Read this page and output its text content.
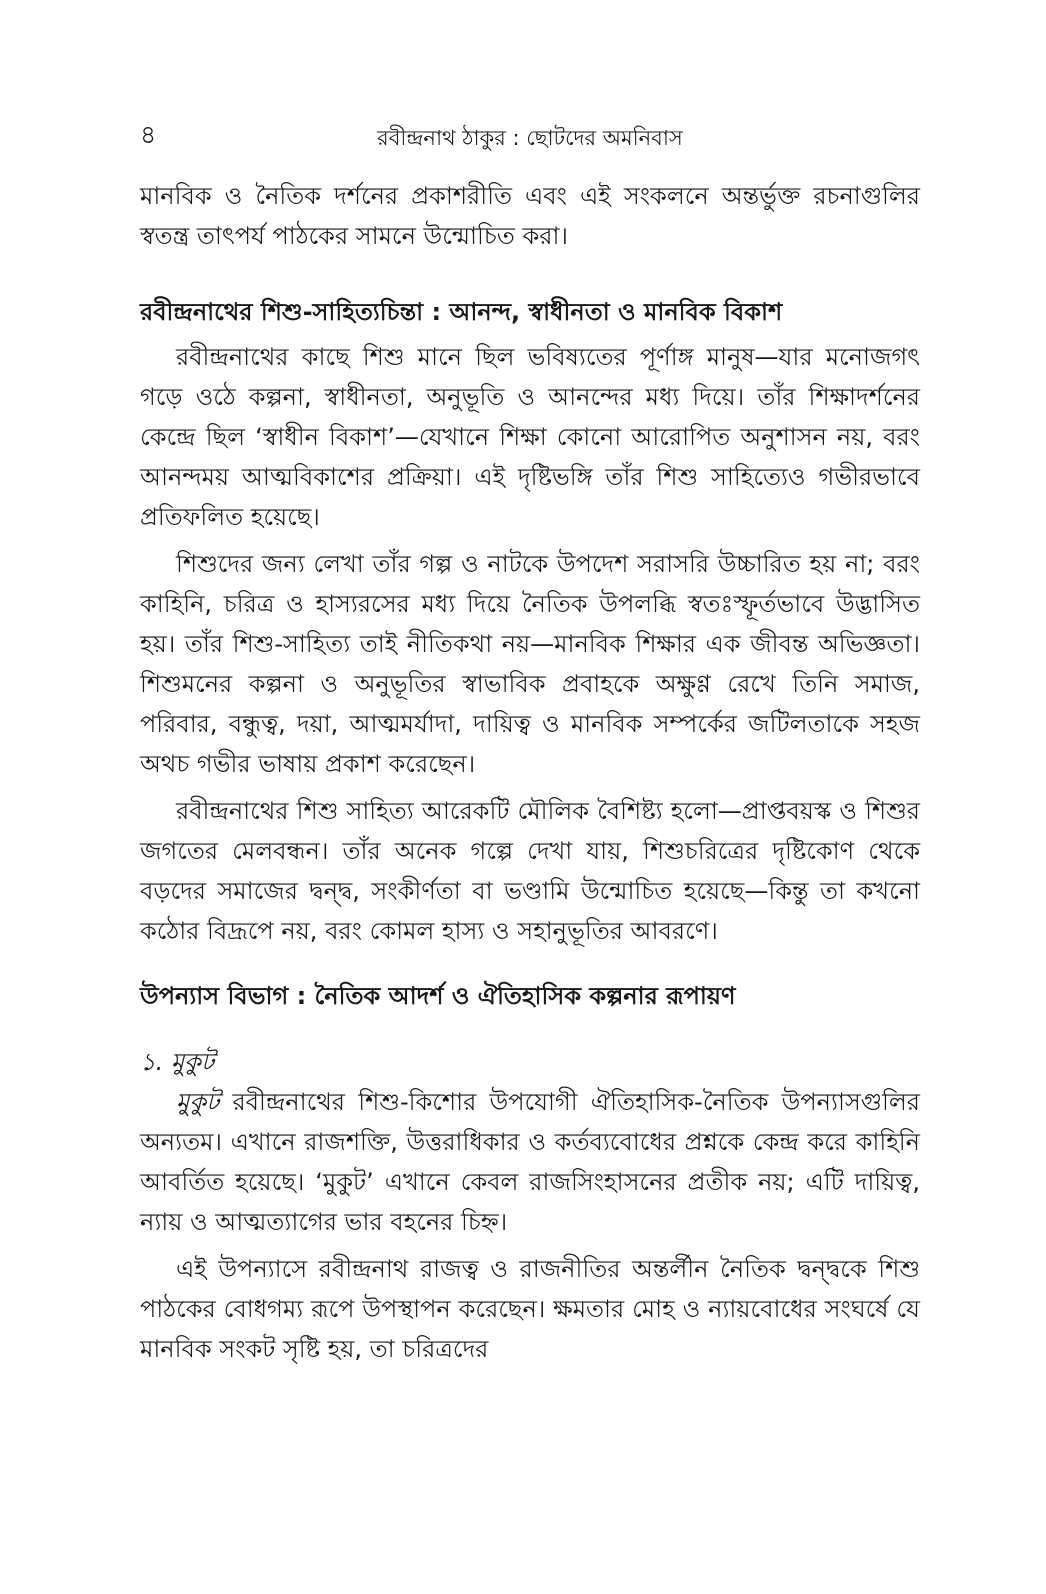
৪	রবীন্দ্রনাথ ঠাকুর : ছোটদের অমনিবাস

মানবিক ও নৈতিক দর্শনের প্রকাশরীতি এবং এই সংকলনে অন্তর্ভুক্ত রচনাগুলির স্বতন্ত্র তাৎপর্য পাঠকের সামনে উন্মোচিত করা।

রবীন্দ্রনাথের শিশু-সাহিত্যচিন্তা : আনন্দ, স্বাধীনতা ও মানবিক বিকাশ

রবীন্দ্রনাথের কাছে শিশু মানে ছিল ভবিষ্যতের পূর্ণাঙ্গ মানুষ—যার মনোজগৎ গড়ে ওঠে কল্পনা, স্বাধীনতা, অনুভূতি ও আনন্দের মধ্য দিয়ে। তাঁর শিক্ষাদর্শনের কেন্দ্রে ছিল ‘স্বাধীন বিকাশ’—যেখানে শিক্ষা কোনো আরোপিত অনুশাসন নয়, বরং আনন্দময় আত্মবিকাশের প্রক্রিয়া। এই দৃষ্টিভঙ্গি তাঁর শিশু সাহিত্যেও গভীরভাবে প্রতিফলিত হয়েছে।

শিশুদের জন্য লেখা তাঁর গল্প ও নাটকে উপদেশ সরাসরি উচ্চারিত হয় না; বরং কাহিনি, চরিত্র ও হাস্যরসের মধ্য দিয়ে নৈতিক উপলব্ধি স্বতঃস্ফূর্তভাবে উদ্ভাসিত হয়। তাঁর শিশু-সাহিত্য তাই নীতিকথা নয়—মানবিক শিক্ষার এক জীবন্ত অভিজ্ঞতা। শিশুমনের কল্পনা ও অনুভূতির স্বাভাবিক প্রবাহকে অক্ষুণ্ণ রেখে তিনি সমাজ, পরিবার, বন্ধুত্ব, দয়া, আত্মমর্যাদা, দায়িত্ব ও মানবিক সম্পর্কের জটিলতাকে সহজ অথচ গভীর ভাষায় প্রকাশ করেছেন।

রবীন্দ্রনাথের শিশু সাহিত্য আরেকটি মৌলিক বৈশিষ্ট্য হলো—প্রাপ্তবয়স্ক ও শিশুর জগতের মেলবন্ধন। তাঁর অনেক গল্পে দেখা যায়, শিশুচরিত্রের দৃষ্টিকোণ থেকে বড়দের সমাজের দ্বন্দ্ব, সংকীর্ণতা বা ভণ্ডামি উন্মোচিত হয়েছে—কিন্তু তা কখনো কঠোর বিদ্রূপে নয়, বরং কোমল হাস্য ও সহানুভূতির আবরণে।

উপন্যাস বিভাগ : নৈতিক আদর্শ ও ঐতিহাসিক কল্পনার রূপায়ণ
১. মুকুট

মুকুট রবীন্দ্রনাথের শিশু-কিশোর উপযোগী ঐতিহাসিক-নৈতিক উপন্যাসগুলির অন্যতম। এখানে রাজশক্তি, উত্তরাধিকার ও কর্তব্যবোধের প্রশ্নকে কেন্দ্র করে কাহিনি আবর্তিত হয়েছে। ‘মুকুট’ এখানে কেবল রাজসিংহাসনের প্রতীক নয়; এটি দায়িত্ব, ন্যায় ও আত্মত্যাগের ভার বহনের চিহ্ন।

এই উপন্যাসে রবীন্দ্রনাথ রাজত্ব ও রাজনীতির অন্তর্লীন নৈতিক দ্বন্দ্বকে শিশু পাঠকের বোধগম্য রূপে উপস্থাপন করেছেন। ক্ষমতার মোহ ও ন্যায়বোধের সংঘর্ষে যে মানবিক সংকট সৃষ্টি হয়, তা চরিত্রদের
